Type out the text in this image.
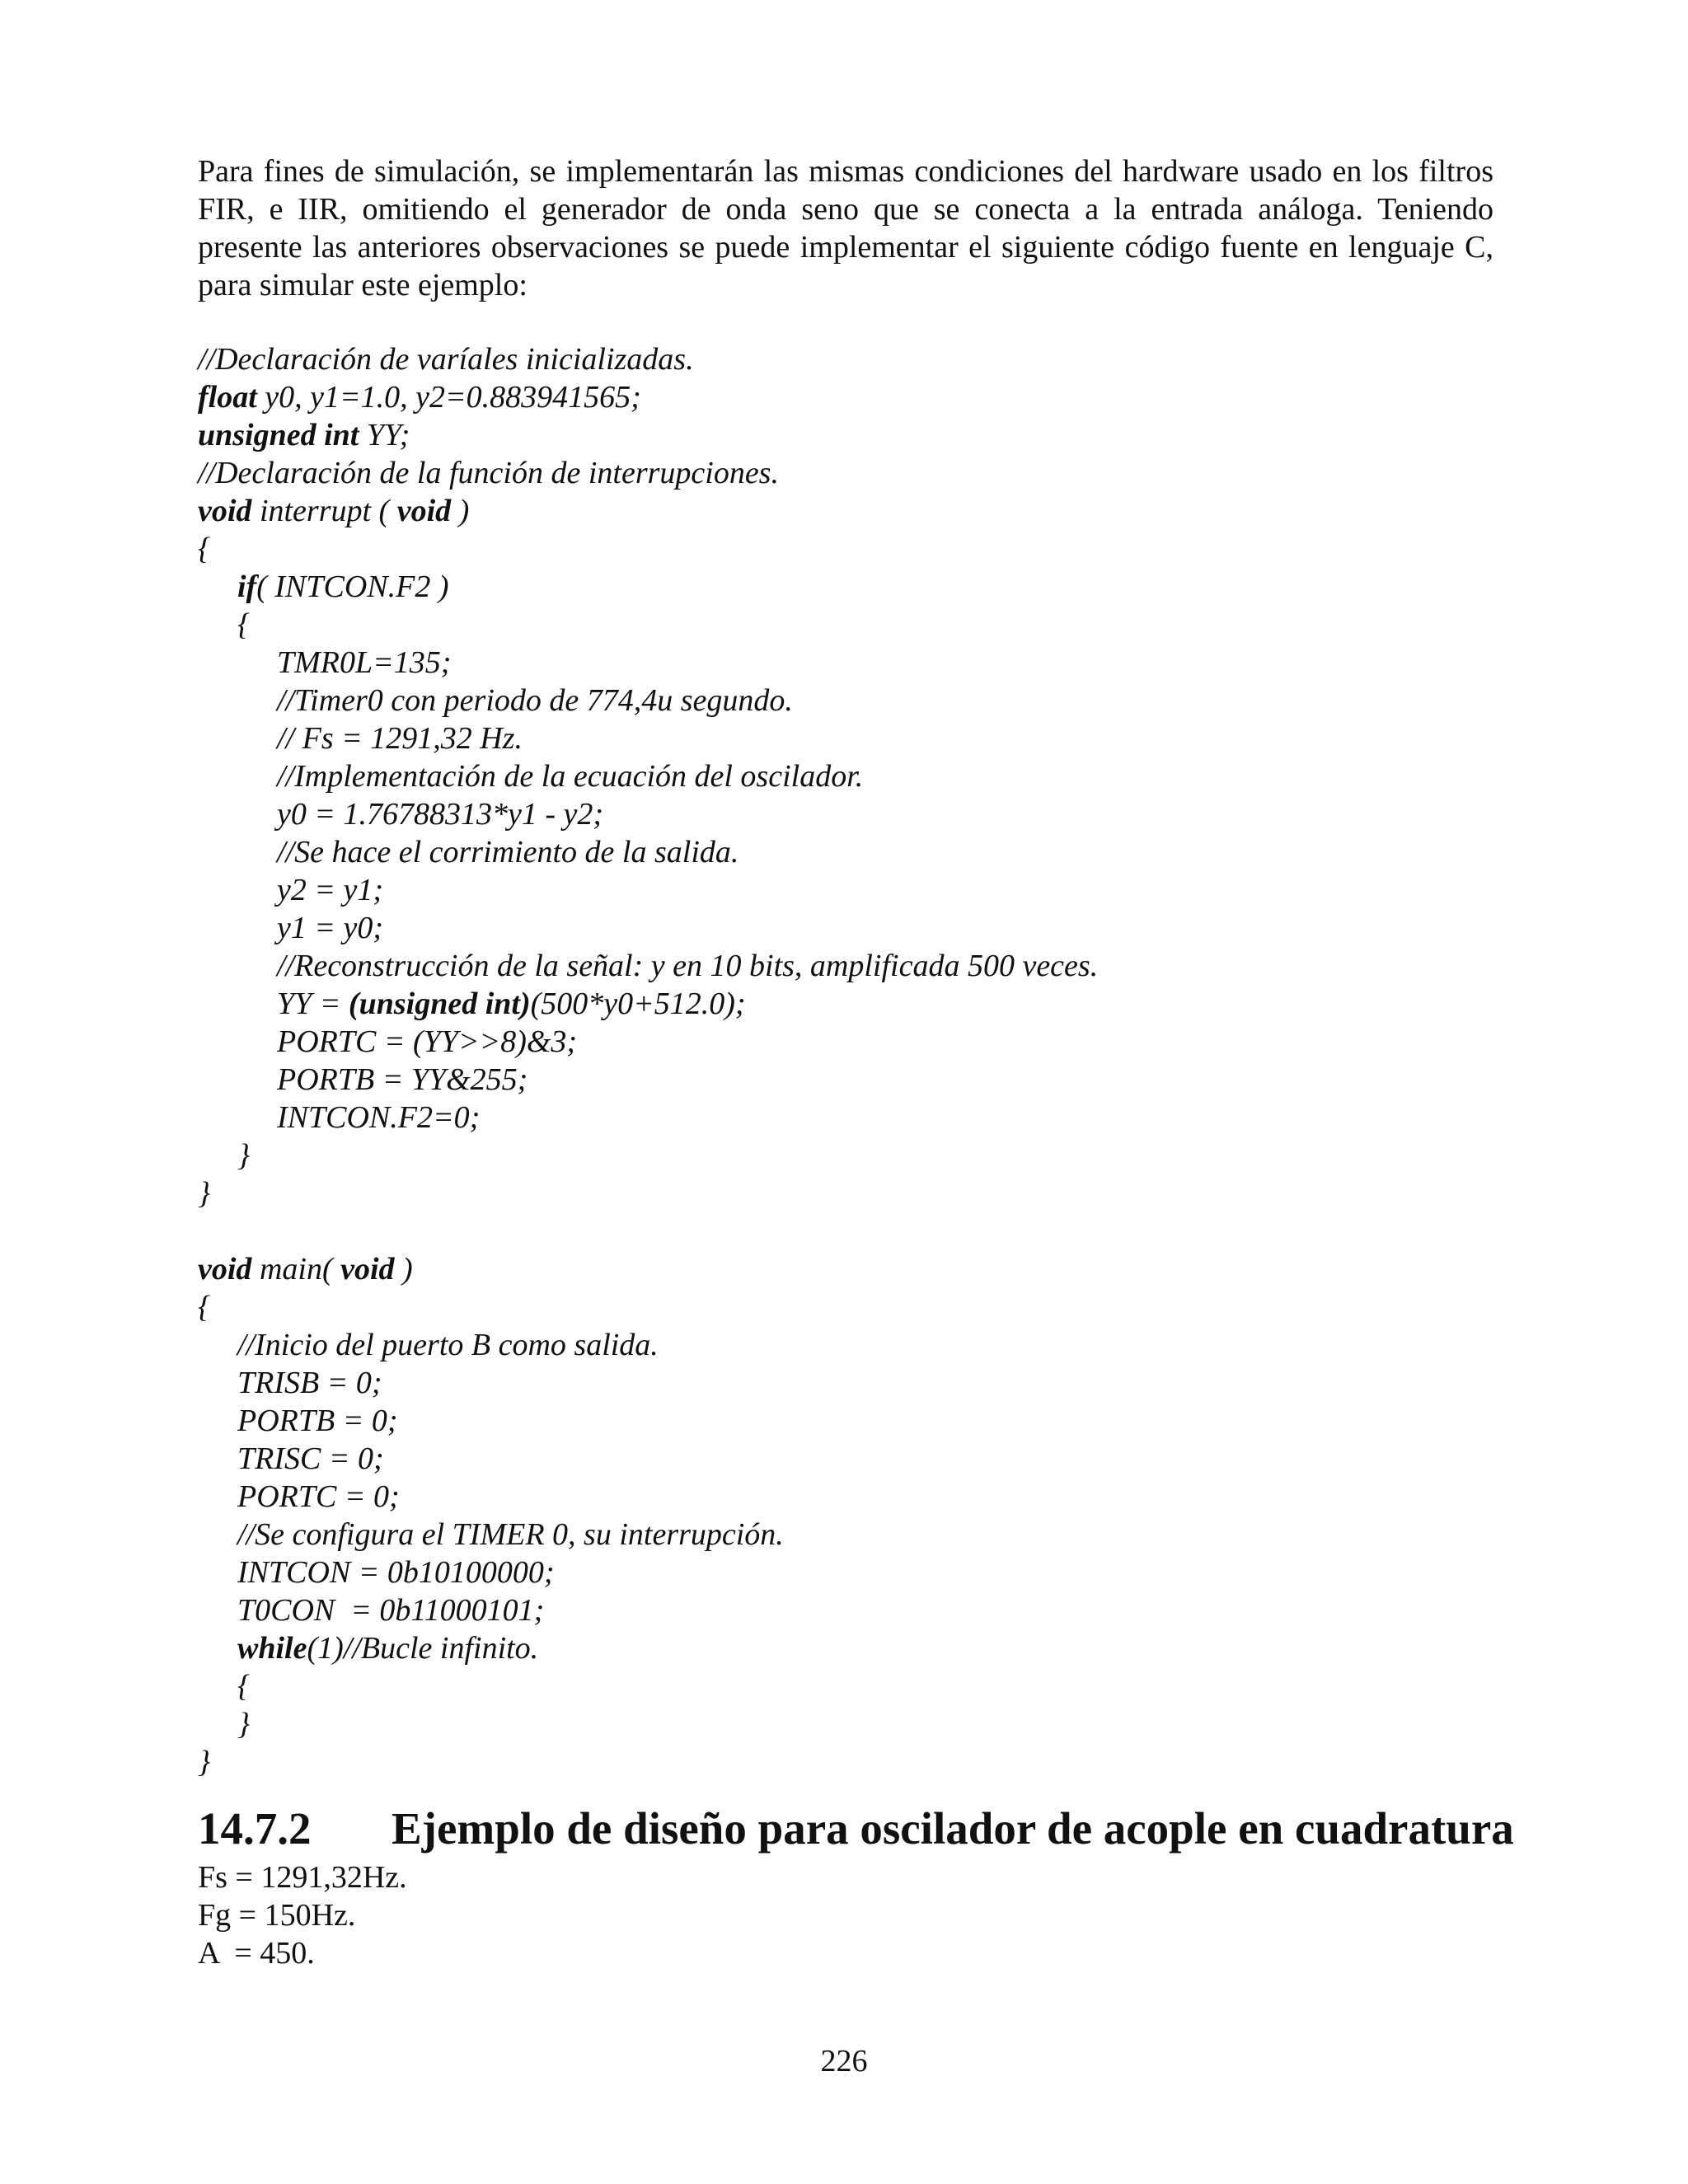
Para fines de simulación, se implementarán las mismas condiciones del hardware usado en los filtros FIR, e IIR, omitiendo el generador de onda seno que se conecta a la entrada análoga. Teniendo presente las anteriores observaciones se puede implementar el siguiente código fuente en lenguaje C, para simular este ejemplo:

//Declaración de varíales inicializadas.
float y0, y1=1.0, y2=0.883941565;
unsigned int YY;
//Declaración de la función de interrupciones.
void interrupt ( void )
{
if( INTCON.F2 )
{
TMR0L=135;
//Timer0 con periodo de 774,4u segundo.
// Fs = 1291,32 Hz.
//Implementación de la ecuación del oscilador.
y0 = 1.76788313*y1 - y2;
//Se hace el corrimiento de la salida.
y2 = y1;
y1 = y0;
//Reconstrucción de la señal: y en 10 bits, amplificada 500 veces.
YY = (unsigned int)(500*y0+512.0);
PORTC = (YY>>8)&3;
PORTB = YY&255;
INTCON.F2=0;
}
}
void main( void )
{
//Inicio del puerto B como salida.
TRISB = 0;
PORTB = 0;
TRISC = 0;
PORTC = 0;
//Se configura el TIMER 0, su interrupción.
INTCON = 0b10100000;
T0CON  = 0b11000101;
while(1)//Bucle infinito.
{
}
}
14.7.2 Ejemplo de diseño para oscilador de acople en cuadratura
Fs = 1291,32Hz.
Fg = 150Hz.
A  = 450.
226
